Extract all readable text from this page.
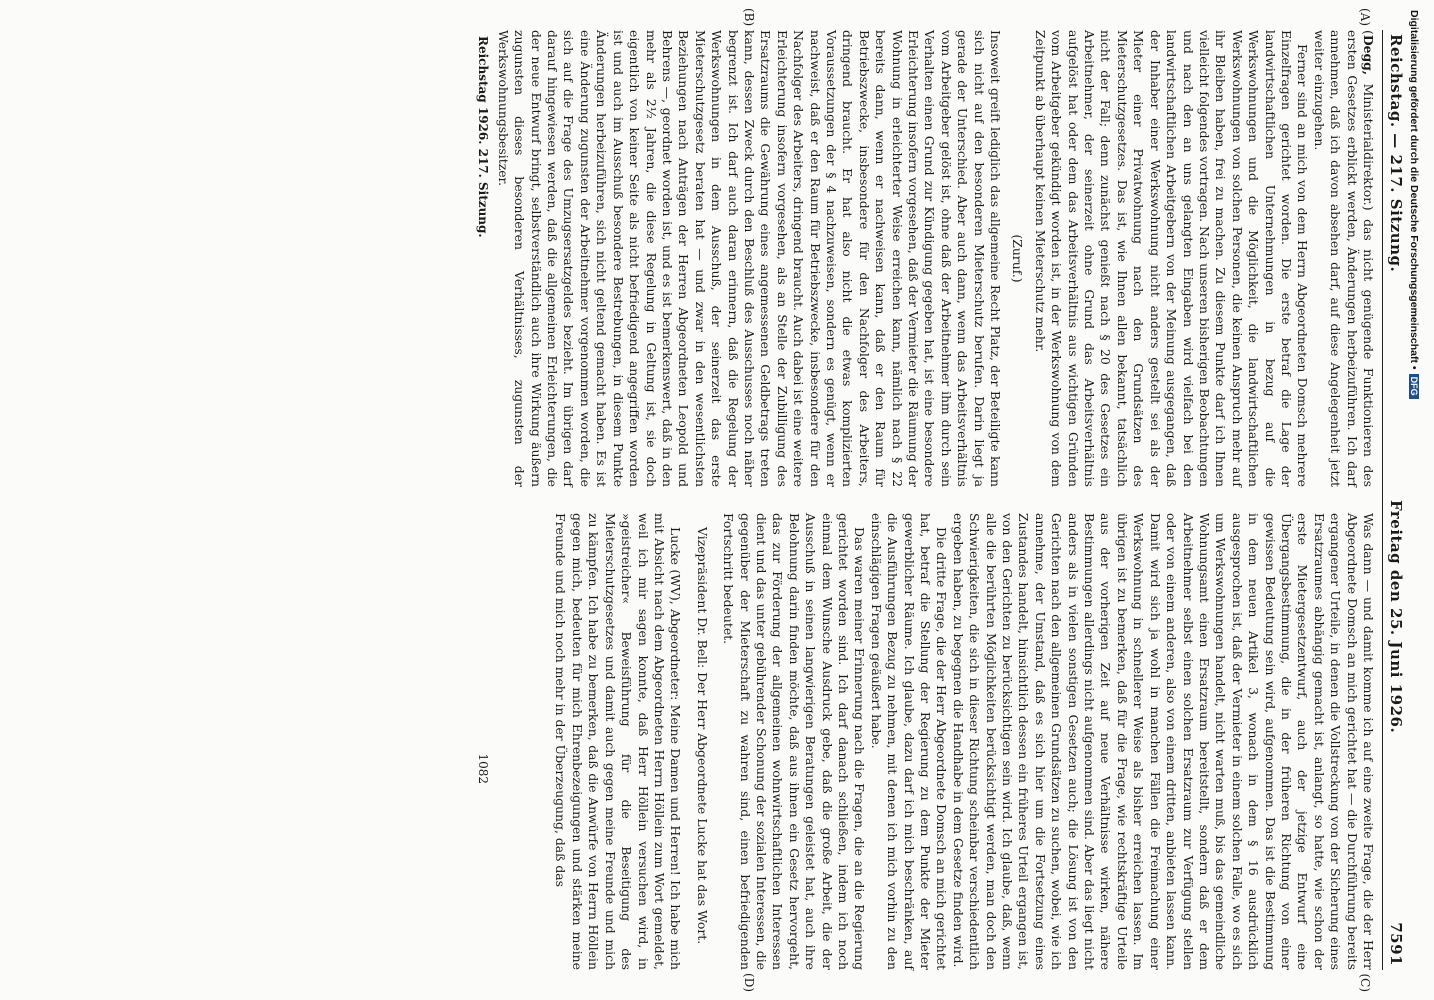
Reichstag. — 217. Sitzung.
Freitag den 25. Juni 1926.
7591
(A)
(B)
(C)
(D)

(Degg, Ministerialdirektor.) das nicht genügende Funktionieren des ersten Gesetzes erblickt werden, Änderungen herbeizuführen. Ich darf annehmen, daß ich davon absehen darf, auf diese Angelegenheit jetzt weiter einzugehen.

Ferner sind an mich von dem Herrn Abgeordneten Domsch mehrere Einzelfragen gerichtet worden. Die erste betraf die Lage der landwirtschaftlichen Unternehmungen in bezug auf die Werkswohnungen und die Möglichkeit, die landwirtschaftlichen Werkswohnungen von solchen Personen, die keinen Anspruch mehr auf ihr Bleiben haben, frei zu machen. Zu diesem Punkte darf ich Ihnen vielleicht folgendes vortragen. Nach unseren bisherigen Beobachtungen und nach den an uns gelangten Eingaben wird vielfach bei den landwirtschaftlichen Arbeitgebern von der Meinung ausgegangen, daß der Inhaber einer Werkswohnung nicht anders gestellt sei als der Mieter einer Privatwohnung nach den Grundsätzen des Mieterschutzgesetzes. Das ist, wie Ihnen allen bekannt, tatsächlich nicht der Fall; denn zunächst genießt nach § 20 des Gesetzes ein Arbeitnehmer, der seinerzeit ohne Grund das Arbeitsverhältnis aufgelöst hat oder dem das Arbeitsverhältnis aus wichtigen Gründen vom Arbeitgeber gekündigt worden ist, in der Werkswohnung von dem Zeitpunkt ab überhaupt keinen Mieterschutz mehr.

(Zuruf.)

Insoweit greift lediglich das allgemeine Recht Platz, der Beteiligte kann sich nicht auf den besonderen Mieterschutz berufen. Darin liegt ja gerade der Unterschied. Aber auch dann, wenn das Arbeitsverhältnis vom Arbeitgeber gelöst ist, ohne daß der Arbeitnehmer ihm durch sein Verhalten einen Grund zur Kündigung gegeben hat, ist eine besondere Erleichterung insofern vorgesehen, daß der Vermieter die Räumung der Wohnung in erleichterter Weise erreichen kann, nämlich nach § 22 bereits dann, wenn er nachweisen kann, daß er den Raum für Betriebszwecke, insbesondere für den Nachfolger des Arbeiters, dringend braucht. Er hat also nicht die etwas komplizierten Voraussetzungen der § 4 nachzuweisen, sondern es genügt, wenn er nachweist, daß er den Raum für Betriebszwecke, insbesondere für den Nachfolger des Arbeiters, dringend braucht. Auch dabei ist eine weitere Erleichterung insofern vorgesehen, als an Stelle der Zubilligung des Ersatzraums die Gewährung eines angemessenen Geldbetrags treten kann, dessen Zweck durch den Beschluß des Ausschusses noch näher begrenzt ist. Ich darf auch daran erinnern, daß die Regelung der Werkswohnungen in dem Ausschuß, der seinerzeit das erste Mieterschutzgesetz beraten hat — und zwar in den wesentlichsten Beziehungen nach Anträgen der Herren Abgeordneten Leopold und Behrens —, geordnet worden ist, und es ist bemerkenswert, daß in den mehr als 2½ Jahren, die diese Regelung in Geltung ist, sie doch eigentlich von keiner Seite als nicht befriedigend angegriffen worden ist und auch im Ausschuß besondere Bestrebungen, in diesem Punkte Änderungen herbeizuführen, sich nicht geltend gemacht haben. Es ist eine Änderung zugunsten der Arbeitnehmer vorgenommen worden, die sich auf die Frage des Umzugsersatzgeldes bezieht. Im übrigen darf darauf hingewiesen werden, daß die allgemeinen Erleichterungen, die der neue Entwurf bringt, selbstverständlich auch ihre Wirkung äußern zugunsten dieses besonderen Verhältnisses, zugunsten der Werkswohnungsbesitzer.

Was dann — und damit komme ich auf eine zweite Frage, die der Herr Abgeordnete Domsch an mich gerichtet hat — die Durchführung bereits ergangener Urteile, in denen die Vollstreckung von der Sicherung eines Ersatzraumes abhängig gemacht ist, anlangt, so hatte, wie schon der erste Mietergesetzentwurf, auch der jetzige Entwurf eine Übergangsbestimmung, die in der früheren Richtung von einer gewissen Bedeutung sein wird, aufgenommen. Das ist die Bestimmung in dem neuen Artikel 3, wonach in dem § 16 ausdrücklich ausgesprochen ist, daß der Vermieter in einem solchen Falle, wo es sich um Werkswohnungen handelt, nicht warten muß, bis das gemeindliche Wohnungsamt einen Ersatzraum bereitstellt, sondern daß er dem Arbeitnehmer selbst einen solchen Ersatzraum zur Verfügung stellen oder von einem anderen, also von einem dritten, anbieten lassen kann. Damit wird sich ja wohl in manchen Fällen die Freimachung einer Werkswohnung in schnellerer Weise als bisher erreichen lassen. Im übrigen ist zu bemerken, daß für die Frage, wie rechtskräftige Urteile aus der vorherigen Zeit auf neue Verhältnisse wirken, nähere Bestimmungen allerdings nicht aufgenommen sind. Aber das liegt nicht anders als in vielen sonstigen Gesetzen auch; die Lösung ist von den Gerichten nach den allgemeinen Grundsätzen zu suchen, wobei, wie ich annehme, der Umstand, daß es sich hier um die Fortsetzung eines Zustandes handelt, hinsichtlich dessen ein früheres Urteil ergangen ist, von den Gerichten zu berücksichtigen sein wird. Ich glaube, daß, wenn alle die berührten Möglichkeiten berücksichtigt werden, man doch den Schwierigkeiten, die sich in dieser Richtung scheinbar verschiedentlich ergeben haben, zu begegnen die Handhabe in dem Gesetze finden wird.

Die dritte Frage, die der Herr Abgeordnete Domsch an mich gerichtet hat, betraf die Stellung der Regierung zu dem Punkte der Mieter gewerblicher Räume. Ich glaube, dazu darf ich mich beschränken, auf die Ausführungen Bezug zu nehmen, mit denen ich mich vorhin zu den einschlägigen Fragen geäußert habe.

Das waren meiner Erinnerung nach die Fragen, die an die Regierung gerichtet worden sind. Ich darf danach schließen, indem ich noch einmal dem Wunsche Ausdruck gebe, daß die große Arbeit, die der Ausschuß in seinen langwierigen Beratungen geleistet hat, auch ihre Belohnung darin finden möchte, daß aus ihnen ein Gesetz hervorgeht, das zur Förderung der allgemeinen wohnwirtschaftlichen Interessen dient und das unter gebührender Schonung der sozialen Interessen, die gegenüber der Mieterschaft zu wahren sind, einen befriedigenden Fortschritt bedeutet.

Vizepräsident Dr. Bell: Der Herr Abgeordnete Lucke hat das Wort.

Lucke (WV), Abgeordneter: Meine Damen und Herren! Ich habe mich mit Absicht nach dem Abgeordneten Herrn Höllein zum Wort gemeldet, weil ich mir sagen konnte, daß Herr Höllein versuchen wird, in »geistreicher« Beweisführung für die Beseitigung des Mieterschutzgesetzes und damit auch gegen meine Freunde und mich zu kämpfen. Ich habe zu bemerken, daß die Anwürfe von Herrn Höllein gegen mich, bedeuten für mich Ehrenbezeigungen und stärken meine Freunde und mich noch mehr in der Überzeugung, daß das

Reichstag 1926. 217. Sitzung.
1082
Digitalisierung gefördert durch die Deutsche Forschungsgemeinschaft •DFG
